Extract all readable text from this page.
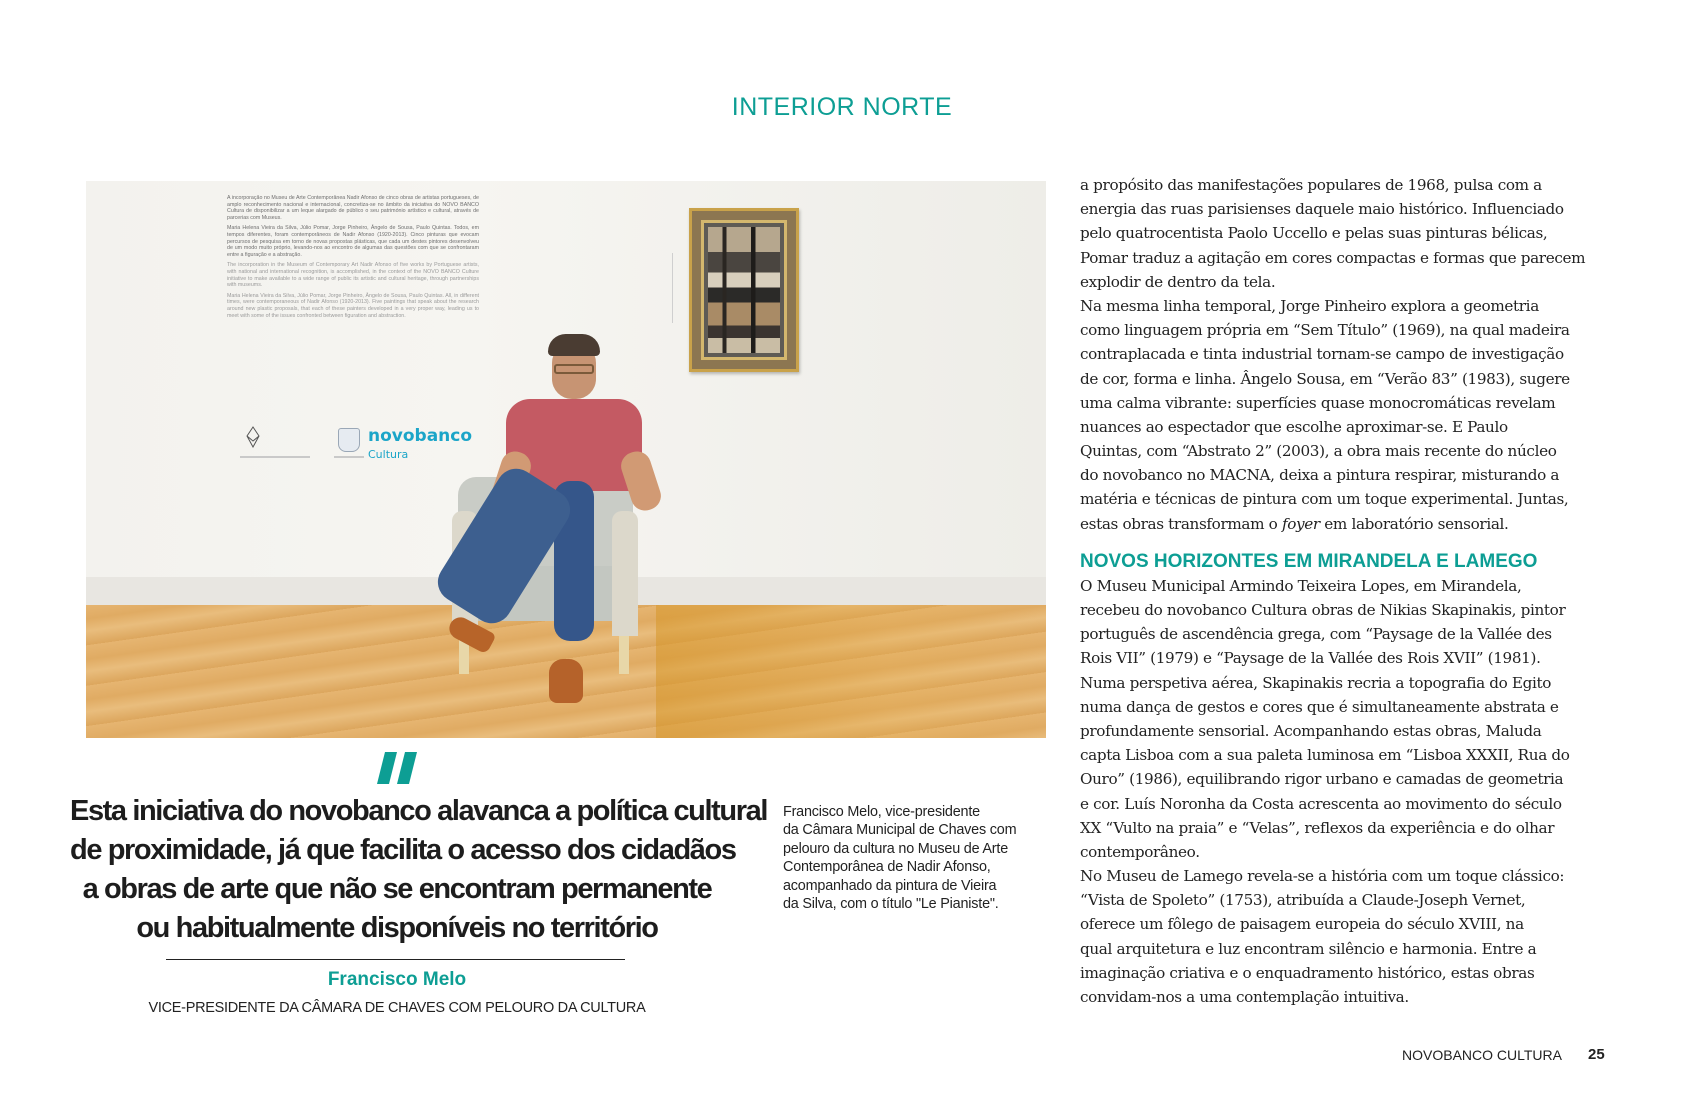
INTERIOR NORTE

A incorporação no Museu de Arte Contemporânea Nadir Afonso de cinco obras de artistas portugueses, de amplo reconhecimento nacional e internacional, concretiza-se no âmbito da iniciativa do NOVO BANCO Cultura de disponibilizar a um leque alargado de público o seu património artístico e cultural, através de parcerias com Museus.

Maria Helena Vieira da Silva, Júlio Pomar, Jorge Pinheiro, Ângelo de Sousa, Paulo Quintas. Todos, em tempos diferentes, foram contemporâneos de Nadir Afonso (1920-2013). Cinco pinturas que evocam percursos de pesquisa em torno de novas propostas plásticas, que cada um destes pintores desenvolveu de um modo muito próprio, levando-nos ao encontro de algumas das questões com que se confrontaram entre a figuração e a abstração.

The incorporation in the Museum of Contemporary Art Nadir Afonso of five works by Portuguese artists, with national and international recognition, is accomplished, in the context of the NOVO BANCO Culture initiative to make available to a wide range of public its artistic and cultural heritage, through partnerships with museums.

Maria Helena Vieira da Silva, Júlio Pomar, Jorge Pinheiro, Ângelo de Sousa, Paulo Quintas. All, in different times, were contemporaneous of Nadir Afonso (1920-2013). Five paintings that speak about the research around new plastic proposals, that each of these painters developed in a very proper way, leading us to meet with some of the issues confronted between figuration and abstraction.

novobanco
Cultura
Esta iniciativa do novobanco alavanca a política cultural
de proximidade, já que facilita o acesso dos cidadãos
a obras de arte que não se encontram permanente
ou habitualmente disponíveis no território
Francisco Melo
VICE-PRESIDENTE DA CÂMARA DE CHAVES COM PELOURO DA CULTURA
Francisco Melo, vice-presidente
da Câmara Municipal de Chaves com
pelouro da cultura no Museu de Arte
Contemporânea de Nadir Afonso,
acompanhado da pintura de Vieira
da Silva, com o título "Le Pianiste".
a propósito das manifestações populares de 1968, pulsa com a
energia das ruas parisienses daquele maio histórico. Influenciado
pelo quatrocentista Paolo Uccello e pelas suas pinturas bélicas,
Pomar traduz a agitação em cores compactas e formas que parecem
explodir de dentro da tela.
Na mesma linha temporal, Jorge Pinheiro explora a geometria
como linguagem própria em “Sem Título” (1969), na qual madeira
contraplacada e tinta industrial tornam-se campo de investigação
de cor, forma e linha. Ângelo Sousa, em “Verão 83” (1983), sugere
uma calma vibrante: superfícies quase monocromáticas revelam
nuances ao espectador que escolhe aproximar-se. E Paulo
Quintas, com “Abstrato 2” (2003), a obra mais recente do núcleo
do novobanco no MACNA, deixa a pintura respirar, misturando a
matéria e técnicas de pintura com um toque experimental. Juntas,
estas obras transformam o foyer em laboratório sensorial.
NOVOS HORIZONTES EM MIRANDELA E LAMEGO
O Museu Municipal Armindo Teixeira Lopes, em Mirandela,
recebeu do novobanco Cultura obras de Nikias Skapinakis, pintor
português de ascendência grega, com “Paysage de la Vallée des
Rois VII” (1979) e “Paysage de la Vallée des Rois XVII” (1981).
Numa perspetiva aérea, Skapinakis recria a topografia do Egito
numa dança de gestos e cores que é simultaneamente abstrata e
profundamente sensorial. Acompanhando estas obras, Maluda
capta Lisboa com a sua paleta luminosa em “Lisboa XXXII, Rua do
Ouro” (1986), equilibrando rigor urbano e camadas de geometria
e cor. Luís Noronha da Costa acrescenta ao movimento do século
XX “Vulto na praia” e “Velas”, reflexos da experiência e do olhar
contemporâneo.
No Museu de Lamego revela-se a história com um toque clássico:
“Vista de Spoleto” (1753), atribuída a Claude-Joseph Vernet,
oferece um fôlego de paisagem europeia do século XVIII, na
qual arquitetura e luz encontram silêncio e harmonia. Entre a
imaginação criativa e o enquadramento histórico, estas obras
convidam-nos a uma contemplação intuitiva.
NOVOBANCO CULTURA 25
